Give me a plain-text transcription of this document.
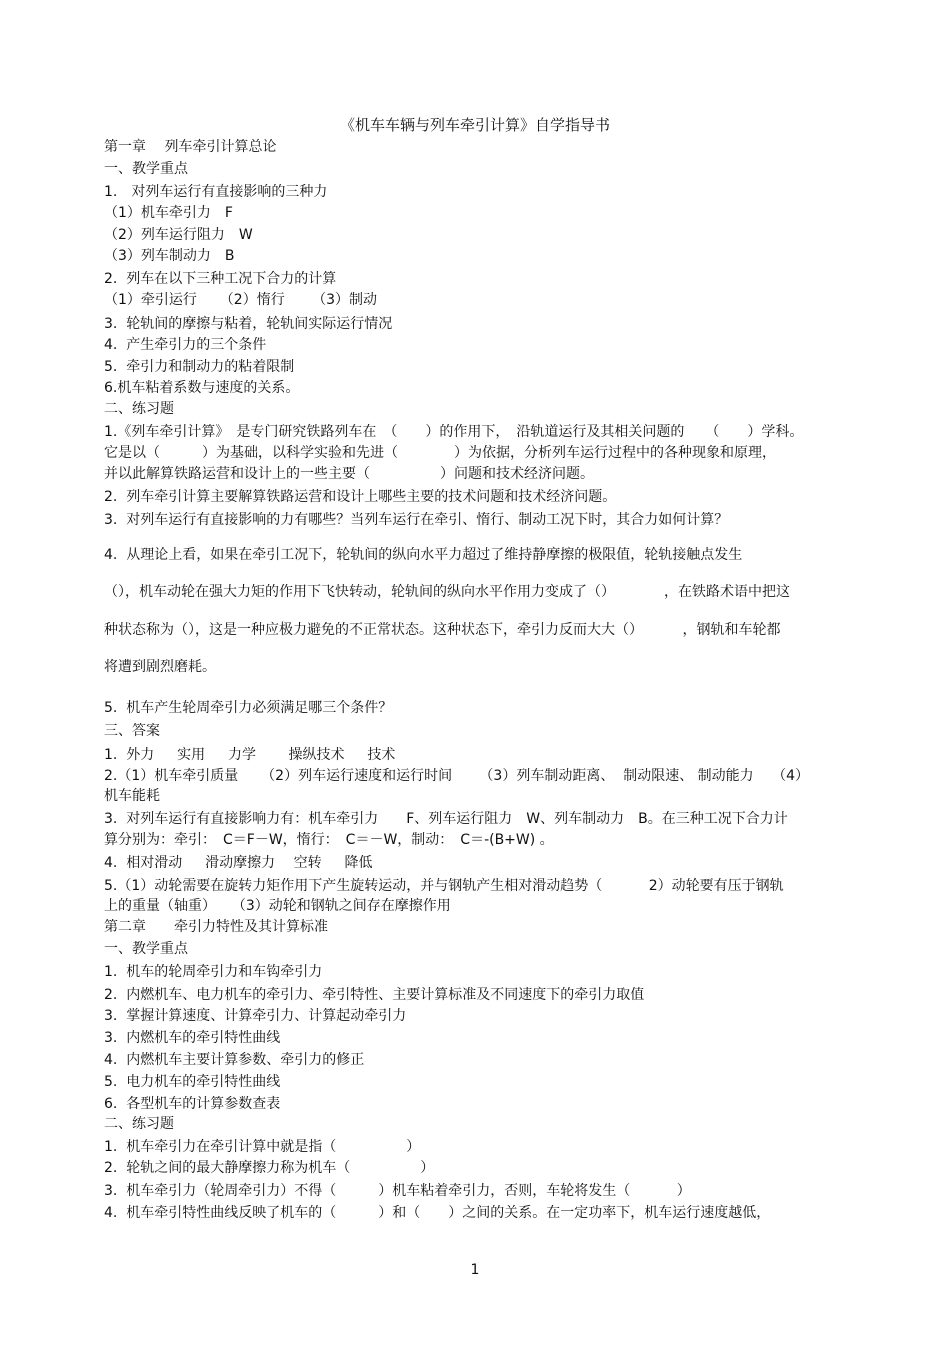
《机车车辆与列车牵引计算》自学指导书
第一章　 列车牵引计算总论
一、教学重点
1.　对列车运行有直接影响的三种力
（1）机车牵引力　F
（2）列车运行阻力　W
（3）列车制动力　B
2.  列车在以下三种工况下合力的计算
（1）牵引运行　  （2）惰行　   （3）制动
3.  轮轨间的摩擦与粘着，轮轨间实际运行情况
4.  产生牵引力的三个条件
5.  牵引力和制动力的粘着限制
6.机车粘着系数与速度的关系。
二、练习题
1.《列车牵引计算》　是专门研究铁路列车在　（　　）的作用下，　沿轨道运行及其相关问题的　　（　　）学科。
它是以（　　　）为基础，以科学实验和先进（　　　　）为依据，分析列车运行过程中的各种现象和原理，
并以此解算铁路运营和设计上的一些主要（　　　　　）问题和技术经济问题。
2.  列车牵引计算主要解算铁路运营和设计上哪些主要的技术问题和技术经济问题。
3.  对列车运行有直接影响的力有哪些？当列车运行在牵引、惰行、制动工况下时，其合力如何计算？
4.  从理论上看，如果在牵引工况下，轮轨间的纵向水平力超过了维持静摩擦的极限值，轮轨接触点发生
（），机车动轮在强大力矩的作用下飞快转动，轮轨间的纵向水平作用力变成了（）　　　　，在铁路术语中把这
种状态称为（），这是一种应极力避免的不正常状态。这种状态下，牵引力反而大大（）　　　 ，钢轨和车轮都
将遭到剧烈磨耗。
5.  机车产生轮周牵引力必须满足哪三个条件？
三、答案
1.  外力　  实用　  力学　　 操纵技术　  技术
2.（1）机车牵引质量　  （2）列车运行速度和运行时间　   （3）列车制动距离、  制动限速、 制动能力　 （4）
机车能耗
3.  对列车运行有直接影响力有：机车牵引力　　F、列车运行阻力　W、列车制动力　B。在三种工况下合力计
算分别为：牵引：　C＝F－W，惰行：　C＝－W，制动：　C＝-(B+W) 。
4.  相对滑动　  滑动摩擦力　 空转　  降低
5.（1）动轮需要在旋转力矩作用下产生旋转运动，并与钢轨产生相对滑动趋势（　　　 2）动轮要有压于钢轨
上的重量（轴重）　  （3）动轮和钢轨之间存在摩擦作用
第二章　　牵引力特性及其计算标准
一、教学重点
1.  机车的轮周牵引力和车钩牵引力
2.  内燃机车、电力机车的牵引力、牵引特性、主要计算标准及不同速度下的牵引力取值
3.  掌握计算速度、计算牵引力、计算起动牵引力
3.  内燃机车的牵引特性曲线
4.  内燃机车主要计算参数、牵引力的修正
5.  电力机车的牵引特性曲线
6.  各型机车的计算参数查表
二、练习题
1.  机车牵引力在牵引计算中就是指（　　　　　）
2.  轮轨之间的最大静摩擦力称为机车（　　　　　）
3.  机车牵引力（轮周牵引力）不得（　　　）机车粘着牵引力，否则，车轮将发生（　　　 ）
4.  机车牵引特性曲线反映了机车的（　　　）和（　　）之间的关系。在一定功率下，机车运行速度越低，
1
